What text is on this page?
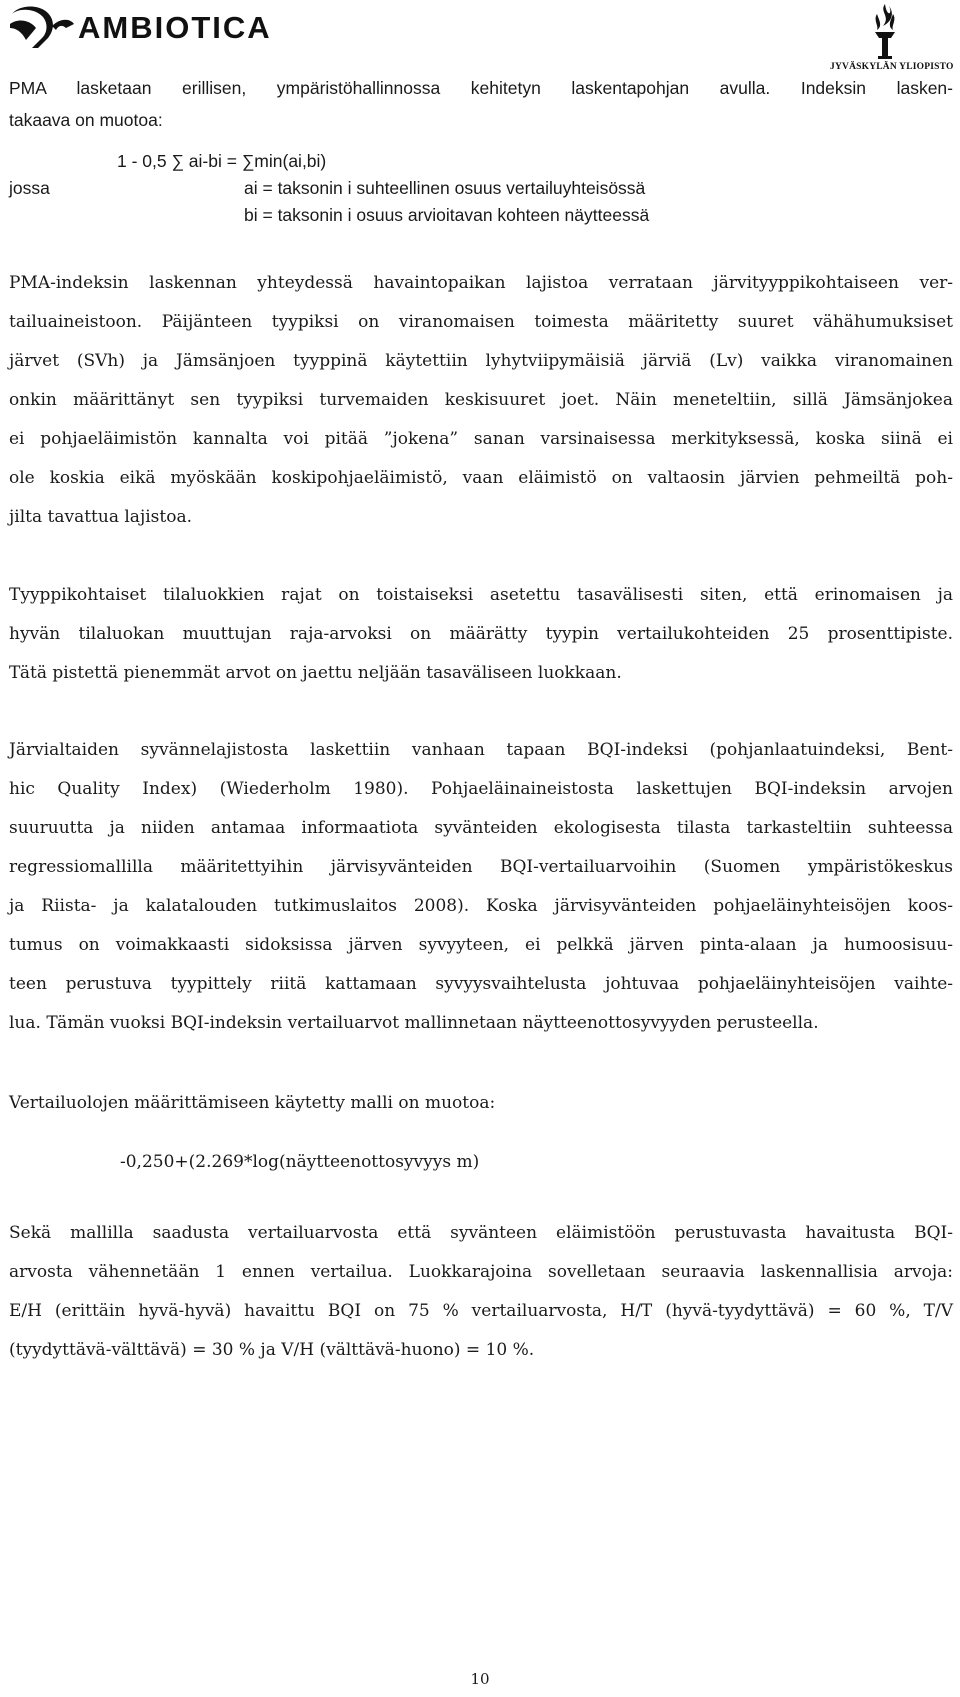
AMBIOTICA
JYVÄSKYLÄN YLIOPISTO

PMA lasketaan erillisen, ympäristöhallinnossa kehitetyn laskentapohjan avulla. Indeksin lasken-
takaava on muotoa:

1 - 0,5 ∑ ai-bi = ∑min(ai,bi)
jossa	ai = taksonin i suhteellinen osuus vertailuyhteisössä
bi = taksonin i osuus arvioitavan kohteen näytteessä

PMA-indeksin laskennan yhteydessä havaintopaikan lajistoa verrataan järvityyppikohtaiseen ver-
tailuaineistoon. Päijänteen tyypiksi on viranomaisen toimesta määritetty suuret vähähumuksiset
järvet (SVh) ja Jämsänjoen tyyppinä käytettiin lyhytviipymäisiä järviä (Lv) vaikka viranomainen
onkin määrittänyt sen tyypiksi turvemaiden keskisuuret joet. Näin meneteltiin, sillä Jämsänjokea
ei pohjaeläimistön kannalta voi pitää ”jokena” sanan varsinaisessa merkityksessä, koska siinä ei
ole koskia eikä myöskään koskipohjaeläimistö, vaan eläimistö on valtaosin järvien pehmeiltä poh-
jilta tavattua lajistoa.

Tyyppikohtaiset tilaluokkien rajat on toistaiseksi asetettu tasavälisesti siten, että erinomaisen ja
hyvän tilaluokan muuttujan raja-arvoksi on määrätty tyypin vertailukohteiden 25 prosenttipiste.
Tätä pistettä pienemmät arvot on jaettu neljään tasaväliseen luokkaan.

Järvialtaiden syvännelajistosta laskettiin vanhaan tapaan BQI-indeksi (pohjanlaatuindeksi, Bent-
hic Quality Index) (Wiederholm 1980). Pohjaeläinaineistosta laskettujen BQI-indeksin arvojen
suuruutta ja niiden antamaa informaatiota syvänteiden ekologisesta tilasta tarkasteltiin suhteessa
regressiomallilla määritettyihin järvisyvänteiden BQI-vertailuarvoihin (Suomen ympäristökeskus
ja Riista- ja kalatalouden tutkimuslaitos 2008). Koska järvisyvänteiden pohjaeläinyhteisöjen koos-
tumus on voimakkaasti sidoksissa järven syvyyteen, ei pelkkä järven pinta-alaan ja humoosisuu-
teen perustuva tyypittely riitä kattamaan syvyysvaihtelusta johtuvaa pohjaeläinyhteisöjen vaihte-
lua. Tämän vuoksi BQI-indeksin vertailuarvot mallinnetaan näytteenottosyvyyden perusteella.

Vertailuolojen määrittämiseen käytetty malli on muotoa:

-0,250+(2.269*log(näytteenottosyvyys m)

Sekä mallilla saadusta vertailuarvosta että syvänteen eläimistöön perustuvasta havaitusta BQI-
arvosta vähennetään 1 ennen vertailua. Luokkarajoina sovelletaan seuraavia laskennallisia arvoja:
E/H (erittäin hyvä-hyvä) havaittu BQI on 75 % vertailuarvosta, H/T (hyvä-tyydyttävä) = 60 %, T/V
(tyydyttävä-välttävä) = 30 % ja V/H (välttävä-huono) = 10 %.

10
